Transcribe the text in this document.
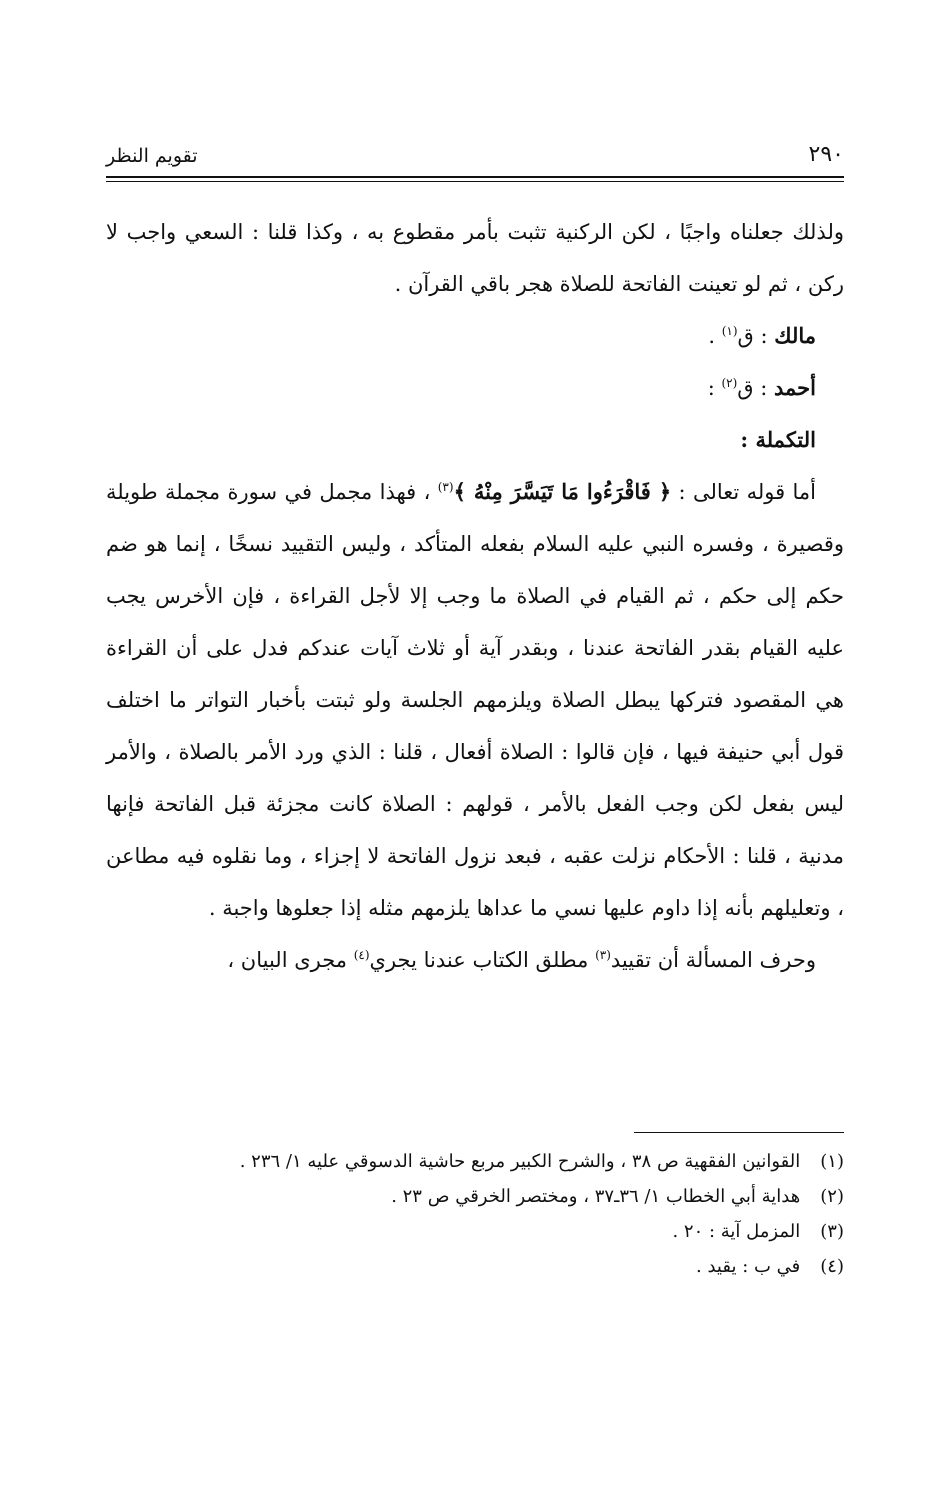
تقويم النظر	٢٩٠

ولذلك جعلناه واجبًا ، لكن الركنية تثبت بأمر مقطوع به ، وكذا قلنا : السعي واجب لا ركن ، ثم لو تعينت الفاتحة للصلاة هجر باقي القرآن .

مالك : ق$^{(١)}$ .

أحمد : ق$^{(٢)}$ :

التكملة :

أما قوله تعالى : ﴿ فَاقْرَءُوا مَا تَيَسَّرَ مِنْهُ ﴾$^{(٣)}$ ، فهذا مجمل في سورة مجملة طويلة وقصيرة ، وفسره النبي عليه السلام بفعله المتأكد ، وليس التقييد نسخًا ، إنما هو ضم حكم إلى حكم ، ثم القيام في الصلاة ما وجب إلا لأجل القراءة ، فإن الأخرس يجب عليه القيام بقدر الفاتحة عندنا ، وبقدر آية أو ثلاث آيات عندكم فدل على أن القراءة هي المقصود فتركها يبطل الصلاة ويلزمهم الجلسة ولو ثبتت بأخبار التواتر ما اختلف قول أبي حنيفة فيها ، فإن قالوا : الصلاة أفعال ، قلنا : الذي ورد الأمر بالصلاة ، والأمر ليس بفعل لكن وجب الفعل بالأمر ، قولهم : الصلاة كانت مجزئة قبل الفاتحة فإنها مدنية ، قلنا : الأحكام نزلت عقبه ، فبعد نزول الفاتحة لا إجزاء ، وما نقلوه فيه مطاعن ، وتعليلهم بأنه إذا داوم عليها نسي ما عداها يلزمهم مثله إذا جعلوها واجبة .

وحرف المسألة أن تقييد$^{(٣)}$ مطلق الكتاب عندنا يجري$^{(٤)}$ مجرى البيان ،

(١) القوانين الفقهية ص ٣٨ ، والشرح الكبير مربع حاشية الدسوقي عليه ١/ ٢٣٦ .

(٢) هداية أبي الخطاب ١/ ٣٦ـ٣٧ ، ومختصر الخرقي ص ٢٣ .

(٣) المزمل آية : ٢٠ .

(٤) في ب : يقيد .
